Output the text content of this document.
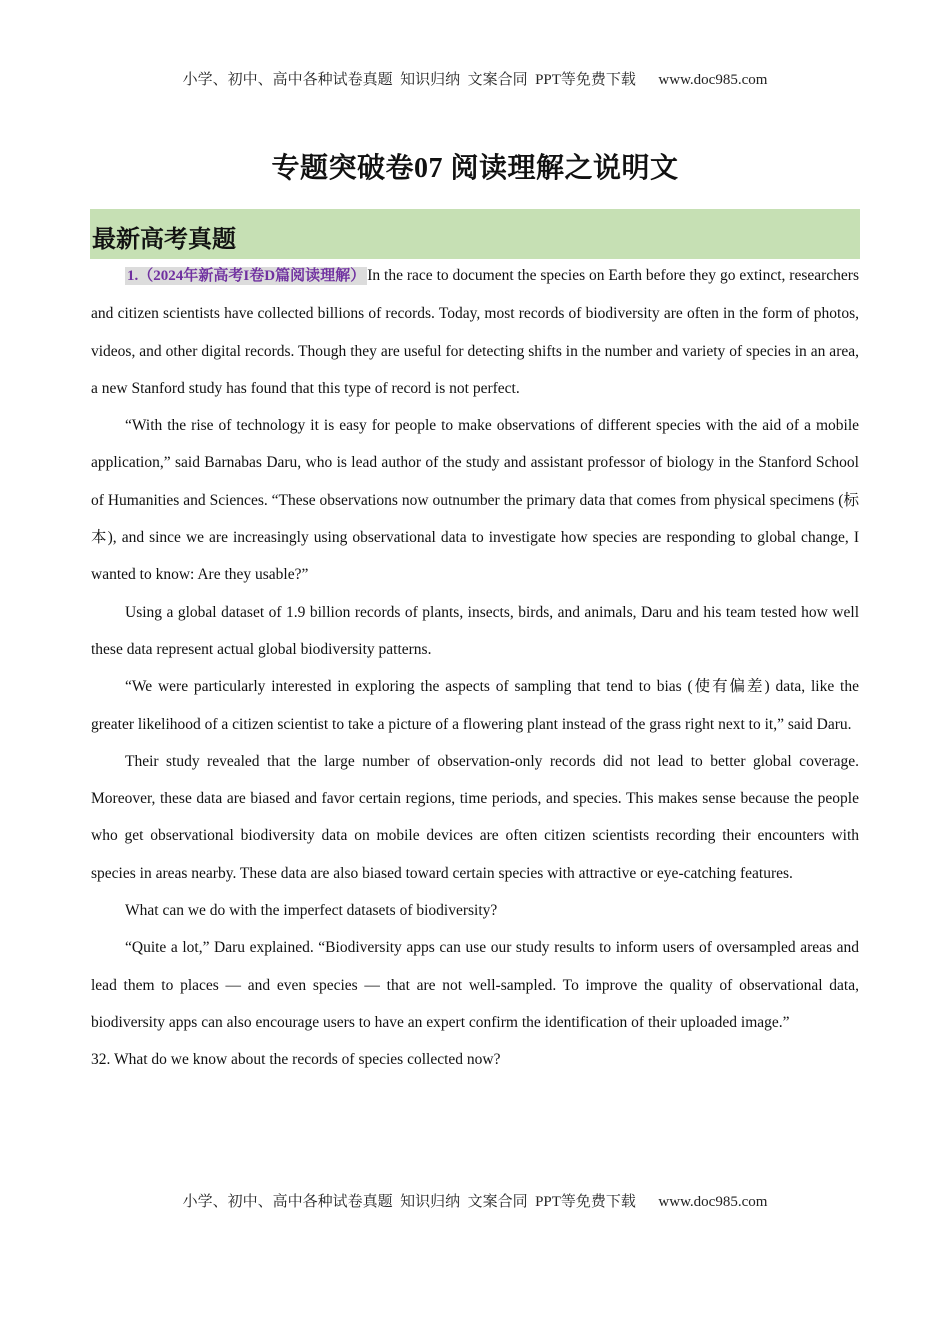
小学、初中、高中各种试卷真题  知识归纳  文案合同  PPT等免费下载      www.doc985.com
专题突破卷07 阅读理解之说明文
最新高考真题

1.（2024年新高考I卷D篇阅读理解） In the race to document the species on Earth before they go extinct, researchers and citizen scientists have collected billions of records. Today, most records of biodiversity are often in the form of photos, videos, and other digital records. Though they are useful for detecting shifts in the number and variety of species in an area, a new Stanford study has found that this type of record is not perfect.

“With the rise of technology it is easy for people to make observations of different species with the aid of a mobile application,” said Barnabas Daru, who is lead author of the study and assistant professor of biology in the Stanford School of Humanities and Sciences. “These observations now outnumber the primary data that comes from physical specimens (标本), and since we are increasingly using observational data to investigate how species are responding to global change, I wanted to know: Are they usable?”

Using a global dataset of 1.9 billion records of plants, insects, birds, and animals, Daru and his team tested how well these data represent actual global biodiversity patterns.

“We were particularly interested in exploring the aspects of sampling that tend to bias (使有偏差) data, like the greater likelihood of a citizen scientist to take a picture of a flowering plant instead of the grass right next to it,” said Daru.

Their study revealed that the large number of observation-only records did not lead to better global coverage. Moreover, these data are biased and favor certain regions, time periods, and species. This makes sense because the people who get observational biodiversity data on mobile devices are often citizen scientists recording their encounters with species in areas nearby. These data are also biased toward certain species with attractive or eye-catching features.

What can we do with the imperfect datasets of biodiversity?

“Quite a lot,” Daru explained. “Biodiversity apps can use our study results to inform users of oversampled areas and lead them to places — and even species — that are not well-sampled. To improve the quality of observational data, biodiversity apps can also encourage users to have an expert confirm the identification of their uploaded image.”

32. What do we know about the records of species collected now?

小学、初中、高中各种试卷真题  知识归纳  文案合同  PPT等免费下载      www.doc985.com
